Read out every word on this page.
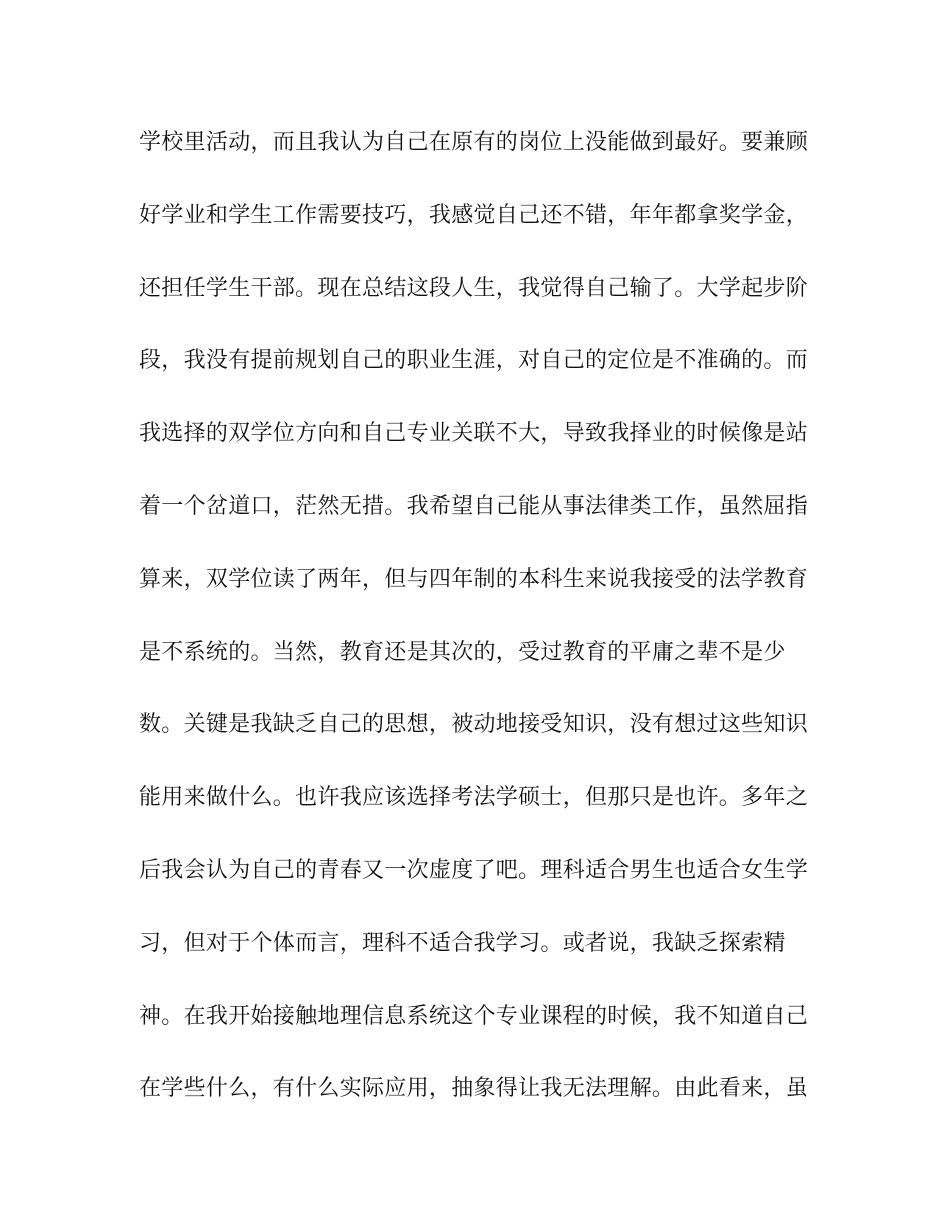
学校里活动，而且我认为自己在原有的岗位上没能做到最好。要兼顾
好学业和学生工作需要技巧，我感觉自己还不错，年年都拿奖学金，
还担任学生干部。现在总结这段人生，我觉得自己输了。大学起步阶
段，我没有提前规划自己的职业生涯，对自己的定位是不准确的。而
我选择的双学位方向和自己专业关联不大，导致我择业的时候像是站
着一个岔道口，茫然无措。我希望自己能从事法律类工作，虽然屈指
算来，双学位读了两年，但与四年制的本科生来说我接受的法学教育
是不系统的。当然，教育还是其次的，受过教育的平庸之辈不是少
数。关键是我缺乏自己的思想，被动地接受知识，没有想过这些知识
能用来做什么。也许我应该选择考法学硕士，但那只是也许。多年之
后我会认为自己的青春又一次虚度了吧。理科适合男生也适合女生学
习，但对于个体而言，理科不适合我学习。或者说，我缺乏探索精
神。在我开始接触地理信息系统这个专业课程的时候，我不知道自己
在学些什么，有什么实际应用，抽象得让我无法理解。由此看来，虽
